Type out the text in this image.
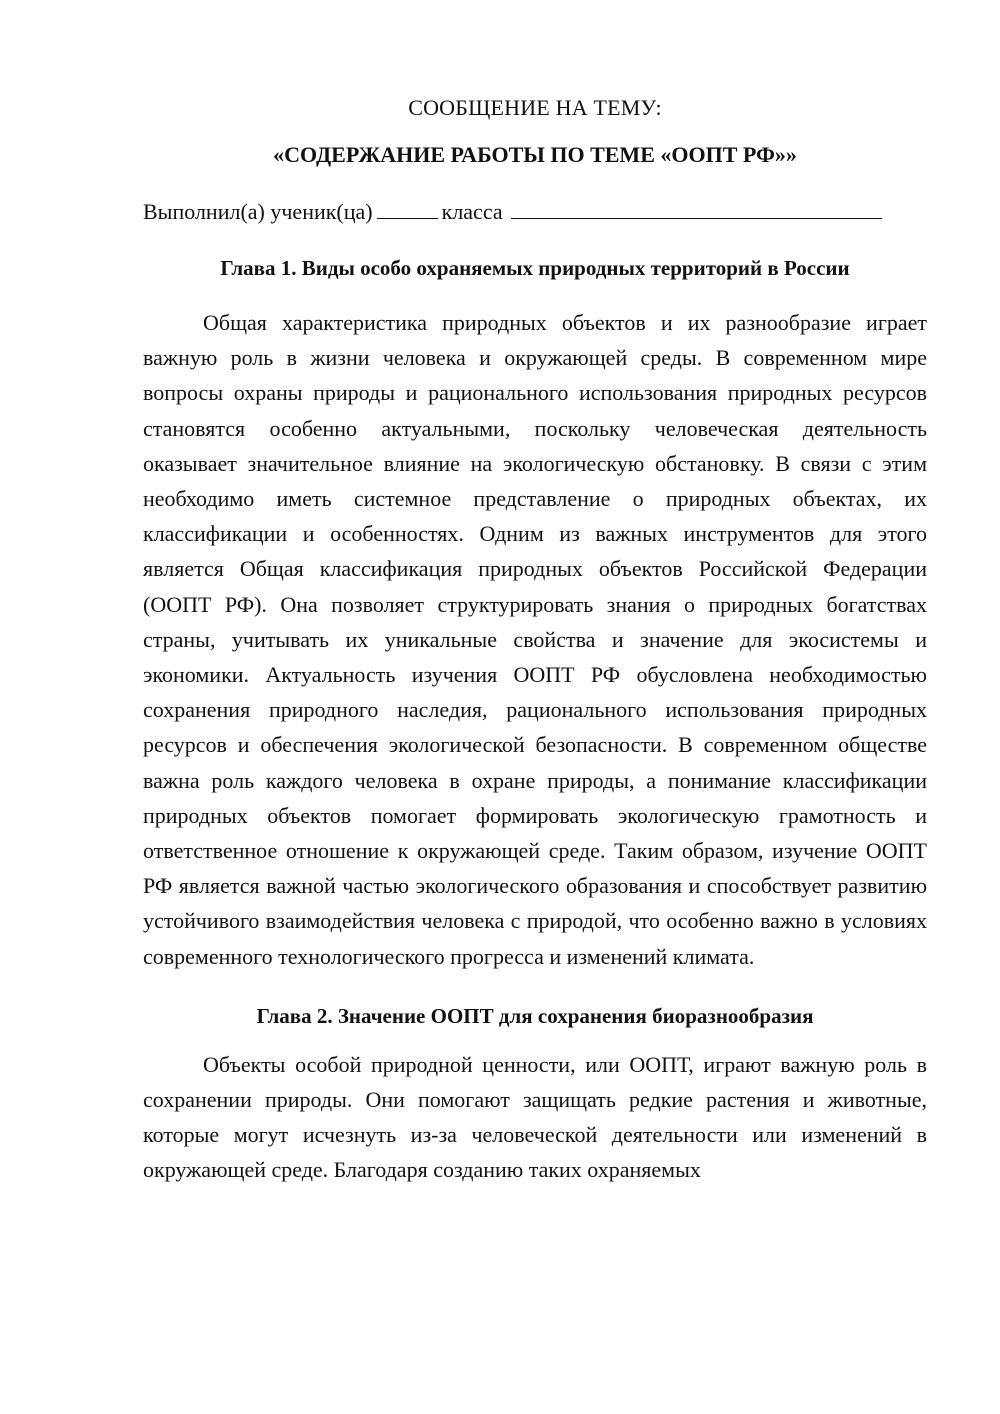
СООБЩЕНИЕ НА ТЕМУ:

«СОДЕРЖАНИЕ РАБОТЫ ПО ТЕМЕ «ООПТ РФ»»

Выполнил(а) ученик(ца)	класса
Глава 1. Виды особо охраняемых природных территорий в России

Общая характеристика природных объектов и их разнообразие играет важную роль в жизни человека и окружающей среды. В современном мире вопросы охраны природы и рационального использования природных ресурсов становятся особенно актуальными, поскольку человеческая деятельность оказывает значительное влияние на экологическую обстановку. В связи с этим необходимо иметь системное представление о природных объектах, их классификации и особенностях. Одним из важных инструментов для этого является Общая классификация природных объектов Российской Федерации (ООПТ РФ). Она позволяет структурировать знания о природных богатствах страны, учитывать их уникальные свойства и значение для экосистемы и экономики. Актуальность изучения ООПТ РФ обусловлена необходимостью сохранения природного наследия, рационального использования природных ресурсов и обеспечения экологической безопасности. В современном обществе важна роль каждого человека в охране природы, а понимание классификации природных объектов помогает формировать экологическую грамотность и ответственное отношение к окружающей среде. Таким образом, изучение ООПТ РФ является важной частью экологического образования и способствует развитию устойчивого взаимодействия человека с природой, что особенно важно в условиях современного технологического прогресса и изменений климата.

Глава 2. Значение ООПТ для сохранения биоразнообразия

Объекты особой природной ценности, или ООПТ, играют важную роль в сохранении природы. Они помогают защищать редкие растения и животные, которые могут исчезнуть из-за человеческой деятельности или изменений в окружающей среде. Благодаря созданию таких охраняемых
